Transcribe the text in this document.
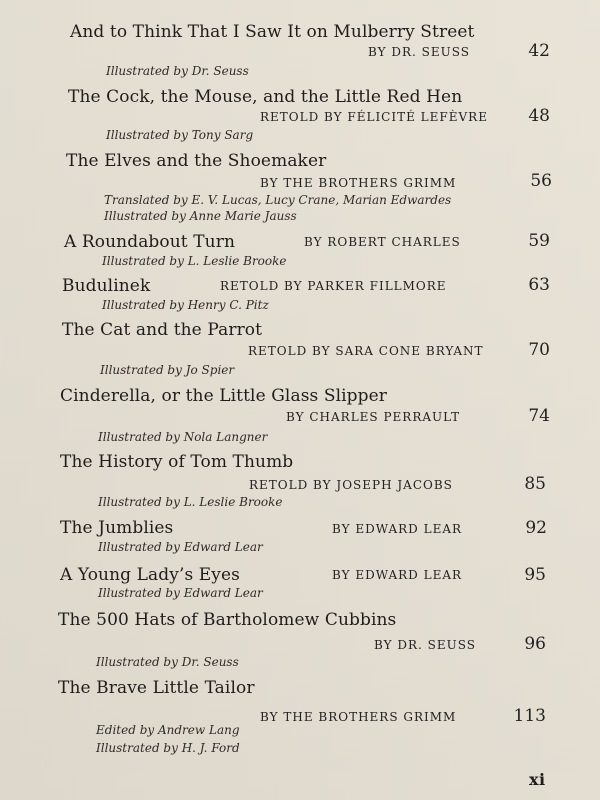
And to Think That I Saw It on Mulberry Street
BY DR. SEUSS	42
Illustrated by Dr. Seuss
The Cock, the Mouse, and the Little Red Hen
RETOLD BY FÉLICITÉ LEFÈVRE	48
Illustrated by Tony Sarg
The Elves and the Shoemaker
BY THE BROTHERS GRIMM	56
Translated by E. V. Lucas, Lucy Crane, Marian Edwardes
Illustrated by Anne Marie Jauss
A Roundabout Turn	BY ROBERT CHARLES	59
Illustrated by L. Leslie Brooke
Budulinek	RETOLD BY PARKER FILLMORE	63
Illustrated by Henry C. Pitz
The Cat and the Parrot
RETOLD BY SARA CONE BRYANT	70
Illustrated by Jo Spier
Cinderella, or the Little Glass Slipper
BY CHARLES PERRAULT	74
Illustrated by Nola Langner
The History of Tom Thumb
RETOLD BY JOSEPH JACOBS	85
Illustrated by L. Leslie Brooke
The Jumblies	BY EDWARD LEAR	92
Illustrated by Edward Lear
A Young Lady’s Eyes	BY EDWARD LEAR	95
Illustrated by Edward Lear
The 500 Hats of Bartholomew Cubbins
BY DR. SEUSS	96
Illustrated by Dr. Seuss
The Brave Little Tailor
BY THE BROTHERS GRIMM	113
Edited by Andrew Lang
Illustrated by H. J. Ford
xi
